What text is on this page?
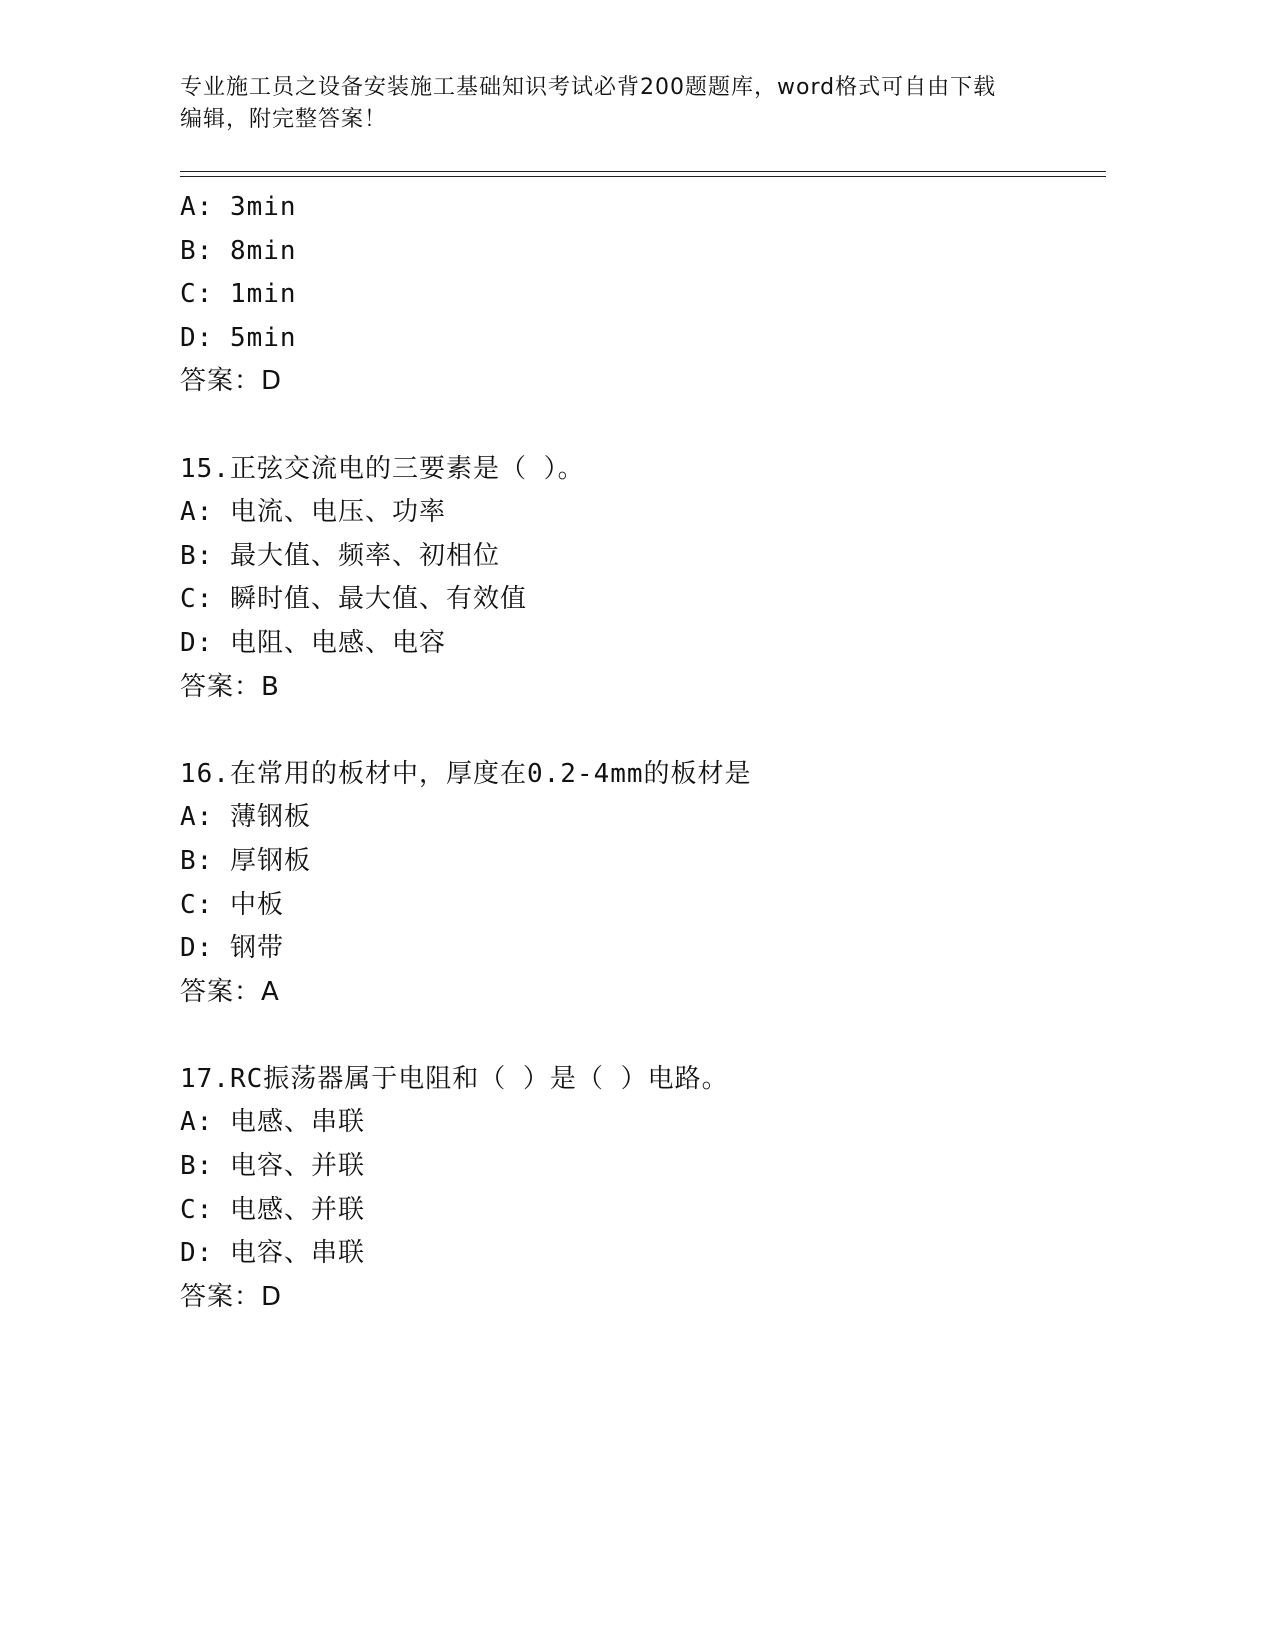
专业施工员之设备安装施工基础知识考试必背200题题库，word格式可自由下载
编辑，附完整答案！
A: 3min
B: 8min
C: 1min
D: 5min
答案：D
15.正弦交流电的三要素是（ ）。
A: 电流、电压、功率
B: 最大值、频率、初相位
C: 瞬时值、最大值、有效值
D: 电阻、电感、电容
答案：B
16.在常用的板材中，厚度在0.2-4mm的板材是
A: 薄钢板
B: 厚钢板
C: 中板
D: 钢带
答案：A
17.RC振荡器属于电阻和（ ）是（ ）电路。
A: 电感、串联
B: 电容、并联
C: 电感、并联
D: 电容、串联
答案：D
